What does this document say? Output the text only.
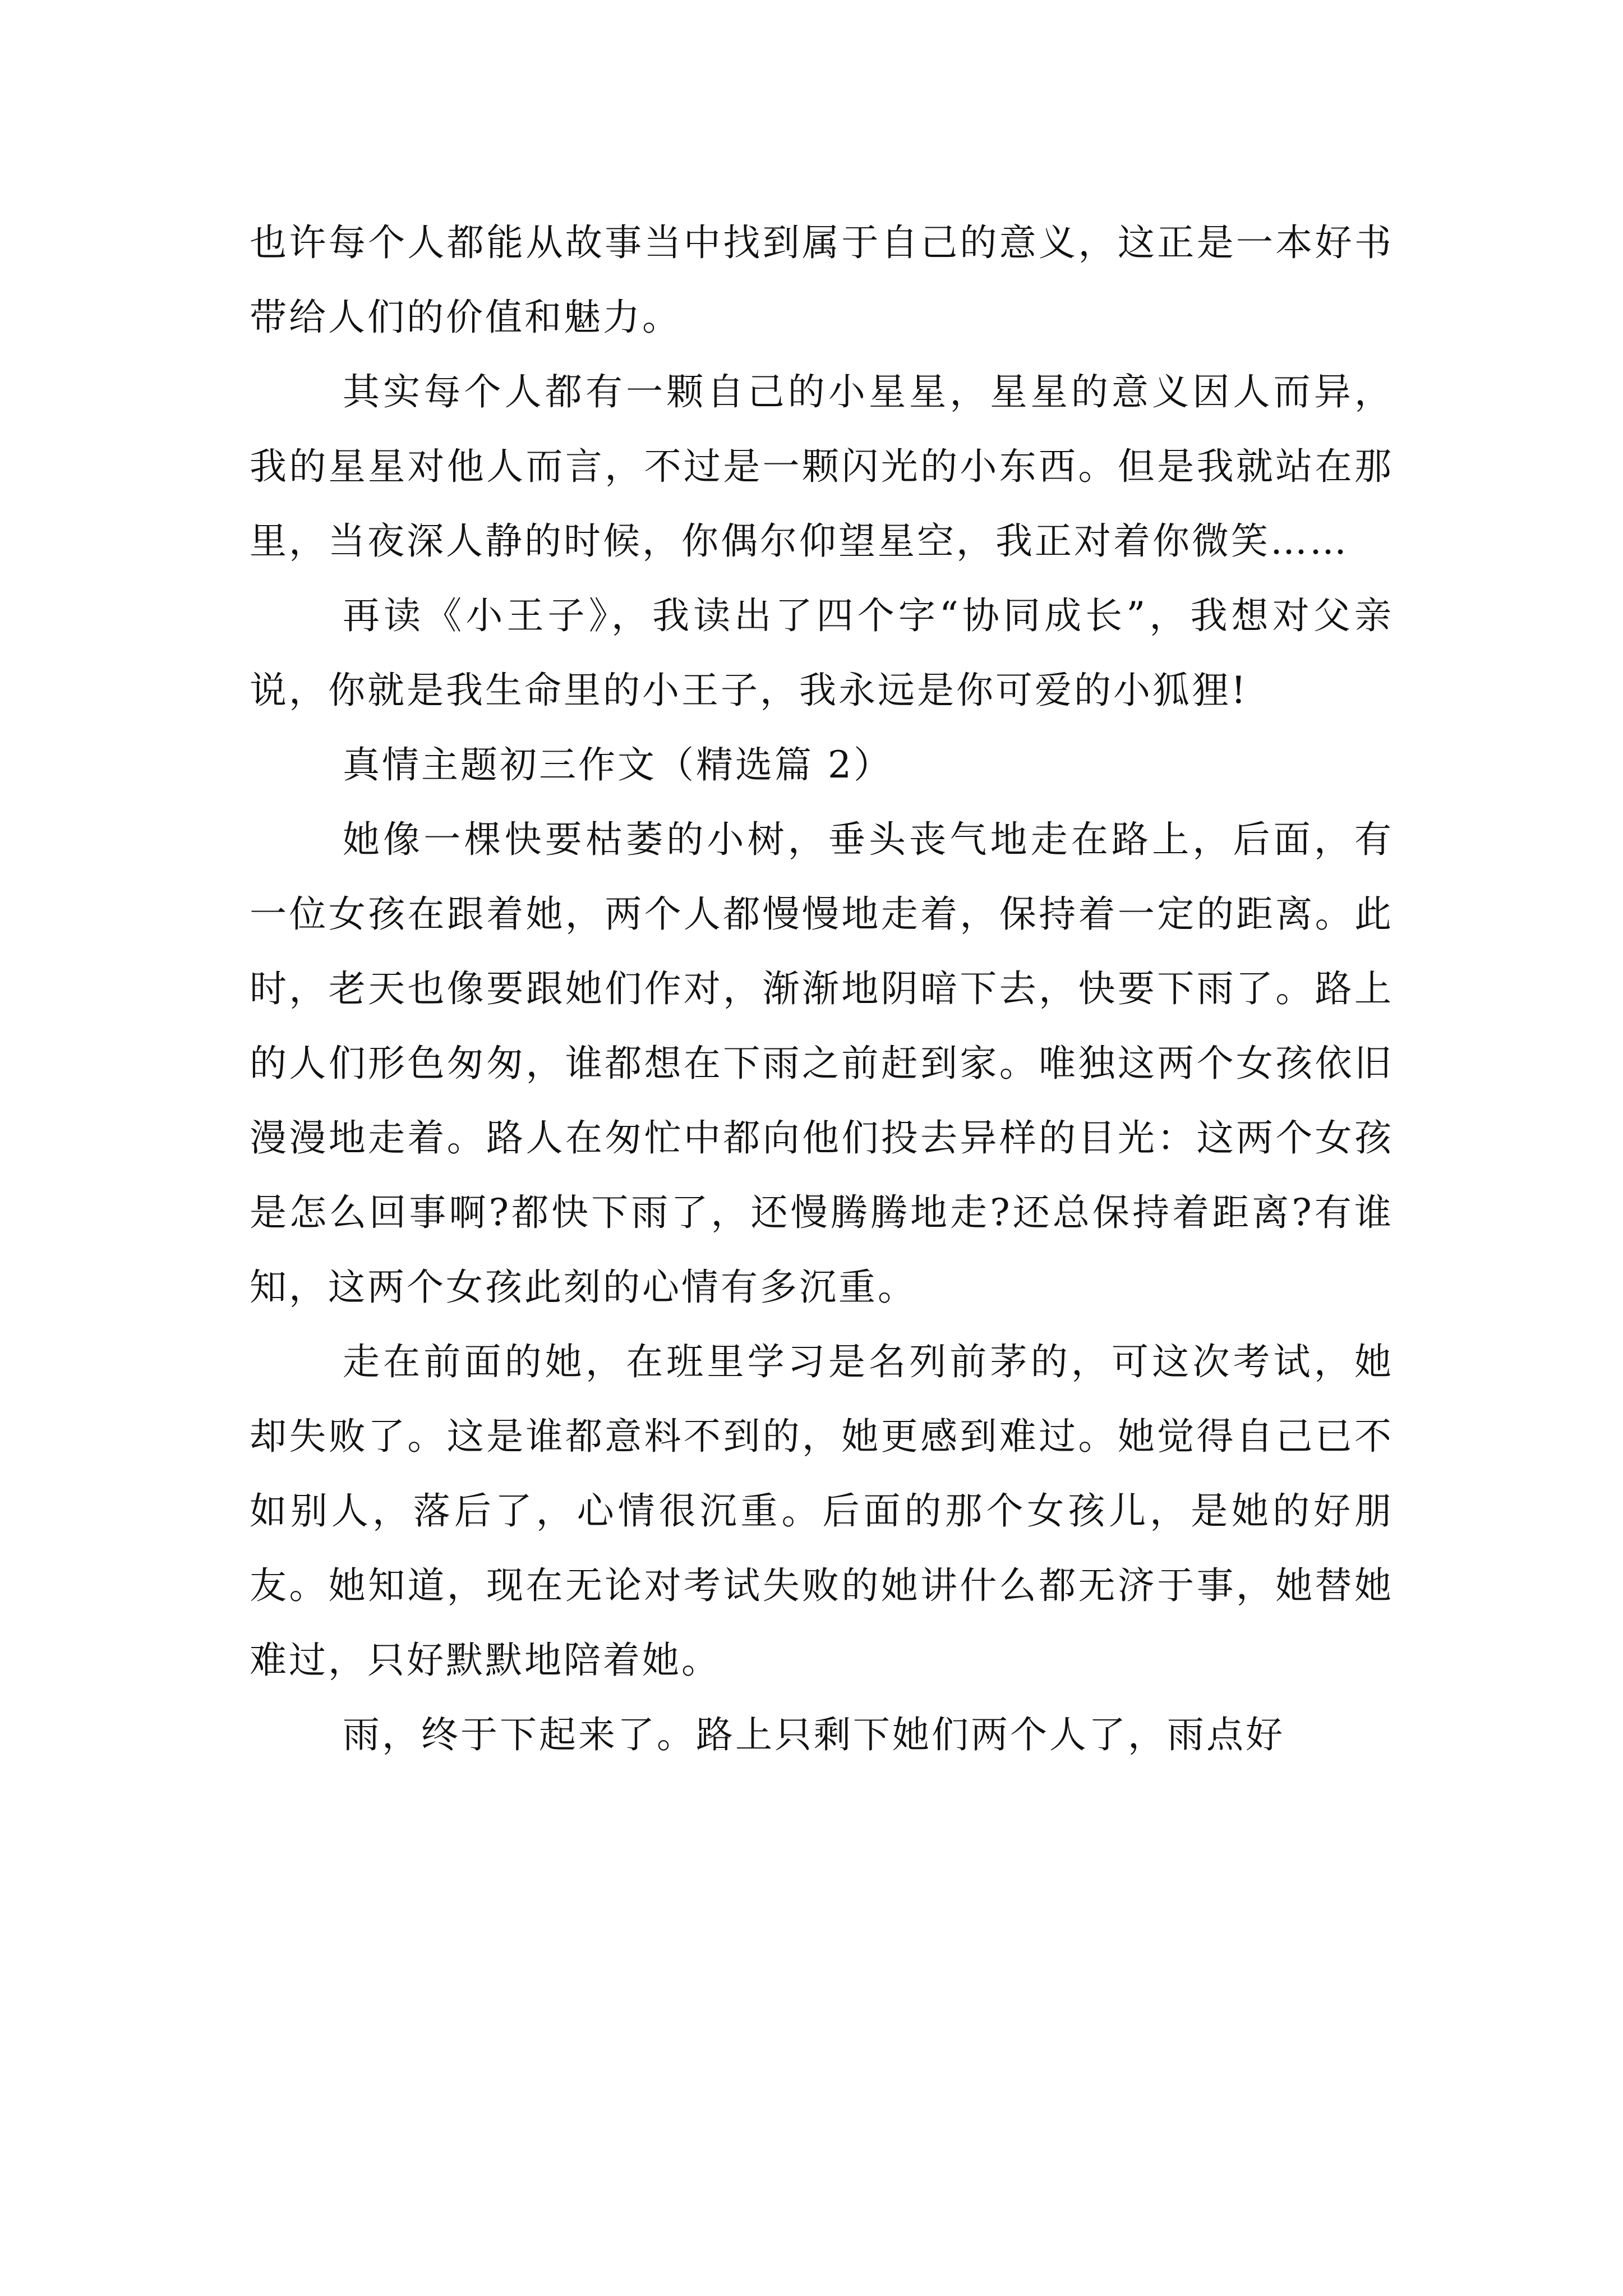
也许每个人都能从故事当中找到属于自己的意义，这正是一本好书带给人们的价值和魅力。

其实每个人都有一颗自己的小星星，星星的意义因人而异，我的星星对他人而言，不过是一颗闪光的小东西。但是我就站在那里，当夜深人静的时候，你偶尔仰望星空，我正对着你微笑……

再读《小王子》，我读出了四个字“协同成长”，我想对父亲说，你就是我生命里的小王子，我永远是你可爱的小狐狸!

真情主题初三作文（精选篇 2）

她像一棵快要枯萎的小树，垂头丧气地走在路上，后面，有一位女孩在跟着她，两个人都慢慢地走着，保持着一定的距离。此时，老天也像要跟她们作对，渐渐地阴暗下去，快要下雨了。路上的人们形色匆匆，谁都想在下雨之前赶到家。唯独这两个女孩依旧漫漫地走着。路人在匆忙中都向他们投去异样的目光：这两个女孩是怎么回事啊?都快下雨了，还慢腾腾地走?还总保持着距离?有谁知，这两个女孩此刻的心情有多沉重。

走在前面的她，在班里学习是名列前茅的，可这次考试，她却失败了。这是谁都意料不到的，她更感到难过。她觉得自己已不如别人，落后了，心情很沉重。后面的那个女孩儿，是她的好朋友。她知道，现在无论对考试失败的她讲什么都无济于事，她替她难过，只好默默地陪着她。

雨，终于下起来了。路上只剩下她们两个人了，雨点好
